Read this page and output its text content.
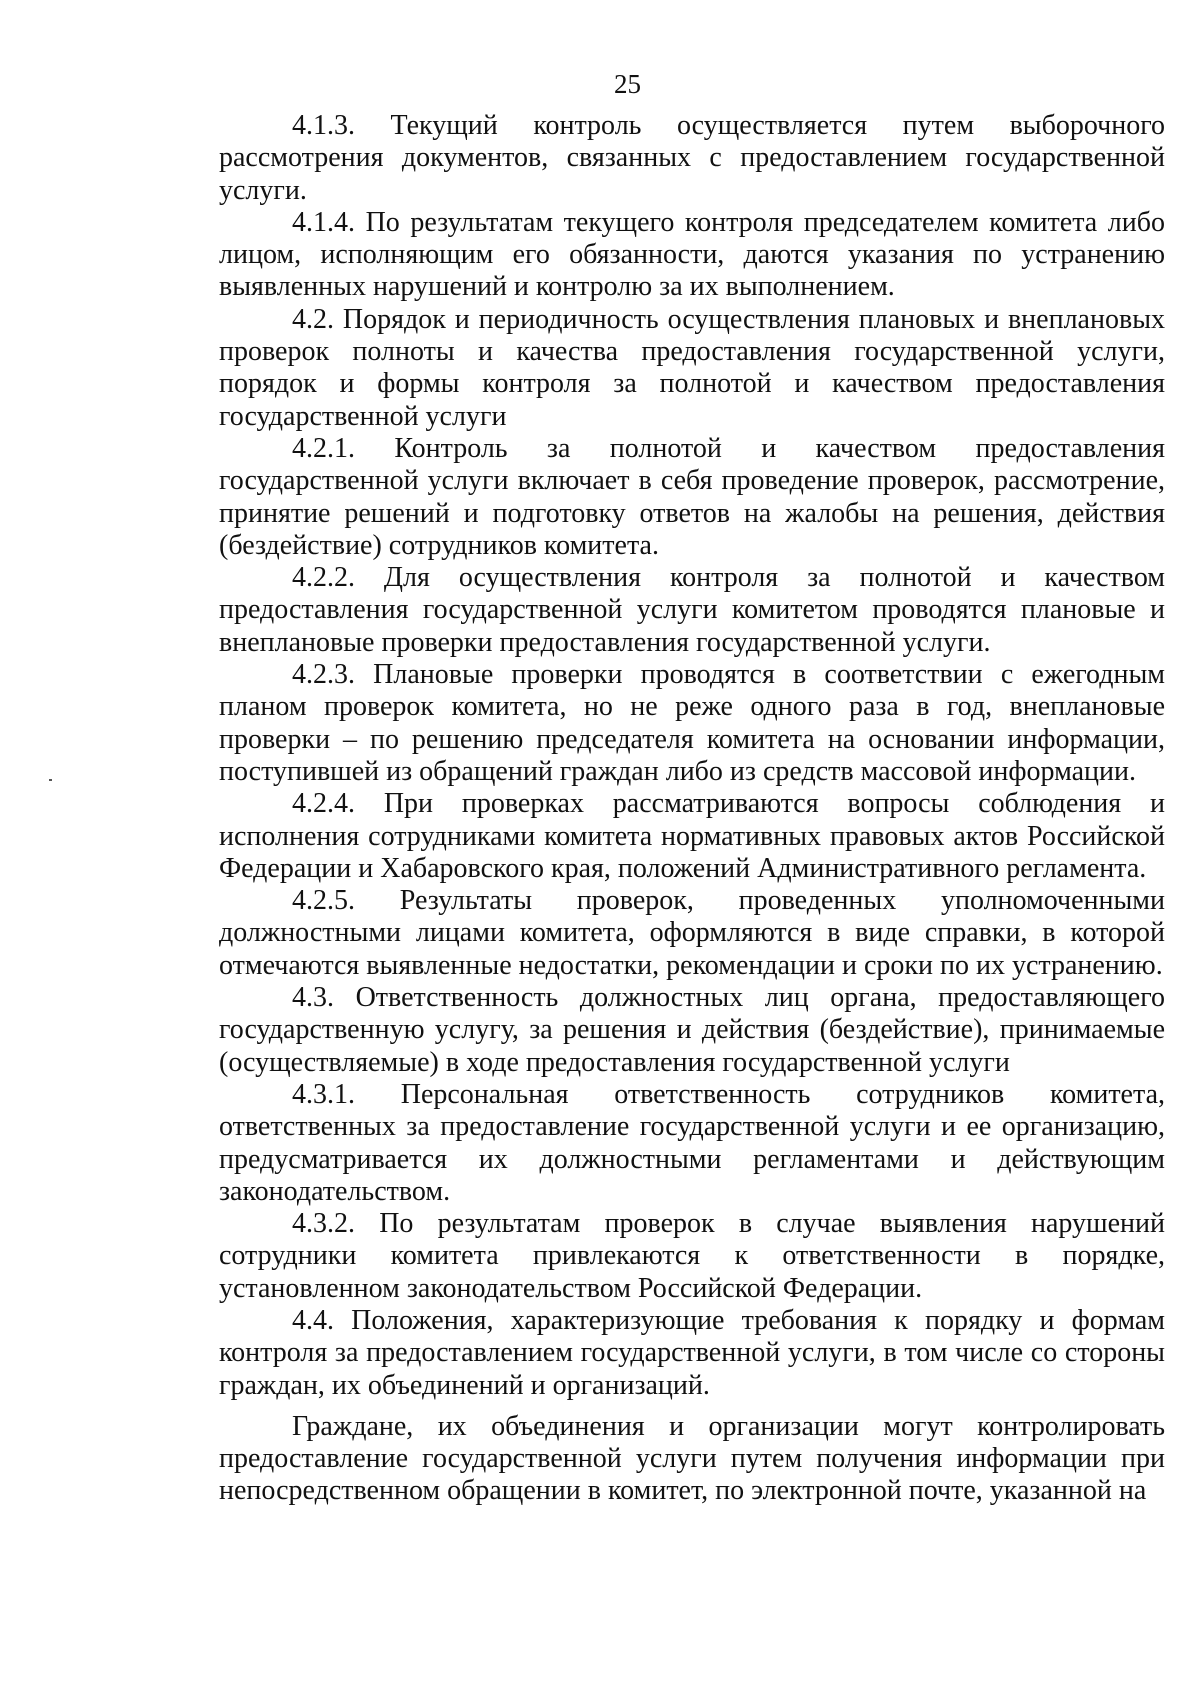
25

4.1.3. Текущий контроль осуществляется путем выборочного рассмотрения документов, связанных с предоставлением государственной услуги.

4.1.4. По результатам текущего контроля председателем комитета либо лицом, исполняющим его обязанности, даются указания по устранению выявленных нарушений и контролю за их выполнением.

4.2. Порядок и периодичность осуществления плановых и внеплановых проверок полноты и качества предоставления государственной услуги, порядок и формы контроля за полнотой и качеством предоставления государственной услуги

4.2.1. Контроль за полнотой и качеством предоставления государственной услуги включает в себя проведение проверок, рассмотрение, принятие решений и подготовку ответов на жалобы на решения, действия (бездействие) сотрудников комитета.

4.2.2. Для осуществления контроля за полнотой и качеством предоставления государственной услуги комитетом проводятся плановые и внеплановые проверки предоставления государственной услуги.

4.2.3. Плановые проверки проводятся в соответствии с ежегодным планом проверок комитета, но не реже одного раза в год, внеплановые проверки – по решению председателя комитета на основании информации, поступившей из обращений граждан либо из средств массовой информации.

4.2.4. При проверках рассматриваются вопросы соблюдения и исполнения сотрудниками комитета нормативных правовых актов Российской Федерации и Хабаровского края, положений Административного регламента.

4.2.5. Результаты проверок, проведенных уполномоченными должностными лицами комитета, оформляются в виде справки, в которой отмечаются выявленные недостатки, рекомендации и сроки по их устранению.

4.3. Ответственность должностных лиц органа, предоставляющего государственную услугу, за решения и действия (бездействие), принимаемые (осуществляемые) в ходе предоставления государственной услуги

4.3.1. Персональная ответственность сотрудников комитета, ответственных за предоставление государственной услуги и ее организацию, предусматривается их должностными регламентами и действующим законодательством.

4.3.2. По результатам проверок в случае выявления нарушений сотрудники комитета привлекаются к ответственности в порядке, установленном законодательством Российской Федерации.

4.4. Положения, характеризующие требования к порядку и формам контроля за предоставлением государственной услуги, в том числе со стороны граждан, их объединений и организаций.

Граждане, их объединения и организации могут контролировать предоставление государственной услуги путем получения информации при непосредственном обращении в комитет, по электронной почте, указанной на
